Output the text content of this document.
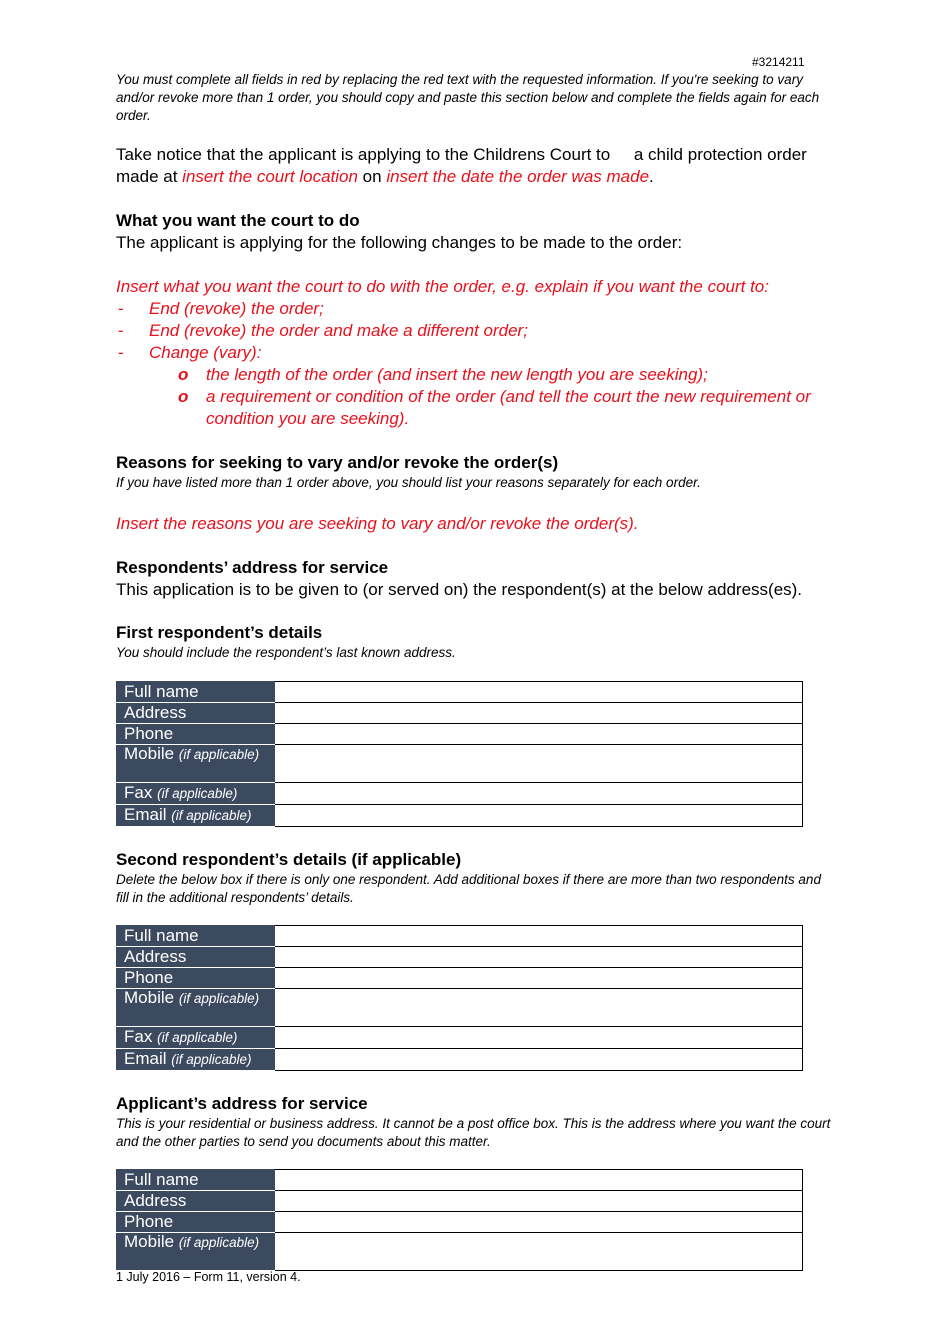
#3214211

You must complete all fields in red by replacing the red text with the requested information. If you're seeking to vary and/or revoke more than 1 order, you should copy and paste this section below and complete the fields again for each order.

Take notice that the applicant is applying to the Childrens Court to a child protection order made at insert the court location on insert the date the order was made.

What you want the court to do

The applicant is applying for the following changes to be made to the order:

Insert what you want the court to do with the order, e.g. explain if you want the court to:

- End (revoke) the order;
- End (revoke) the order and make a different order;
- Change (vary):
o the length of the order (and insert the new length you are seeking);
o a requirement or condition of the order (and tell the court the new requirement or condition you are seeking).
Reasons for seeking to vary and/or revoke the order(s)

If you have listed more than 1 order above, you should list your reasons separately for each order.

Insert the reasons you are seeking to vary and/or revoke the order(s).

Respondents’ address for service

This application is to be given to (or served on) the respondent(s) at the below address(es).

First respondent’s details

You should include the respondent’s last known address.

Full name	
Address	
Phone	
Mobile (if applicable)	
Fax (if applicable)	
Email (if applicable)	
Second respondent’s details (if applicable)

Delete the below box if there is only one respondent. Add additional boxes if there are more than two respondents and fill in the additional respondents’ details.

Full name	
Address	
Phone	
Mobile (if applicable)	
Fax (if applicable)	
Email (if applicable)	
Applicant’s address for service

This is your residential or business address. It cannot be a post office box. This is the address where you want the court and the other parties to send you documents about this matter.

Full name	
Address	
Phone	
Mobile (if applicable)	
1 July 2016 – Form 11, version 4.
